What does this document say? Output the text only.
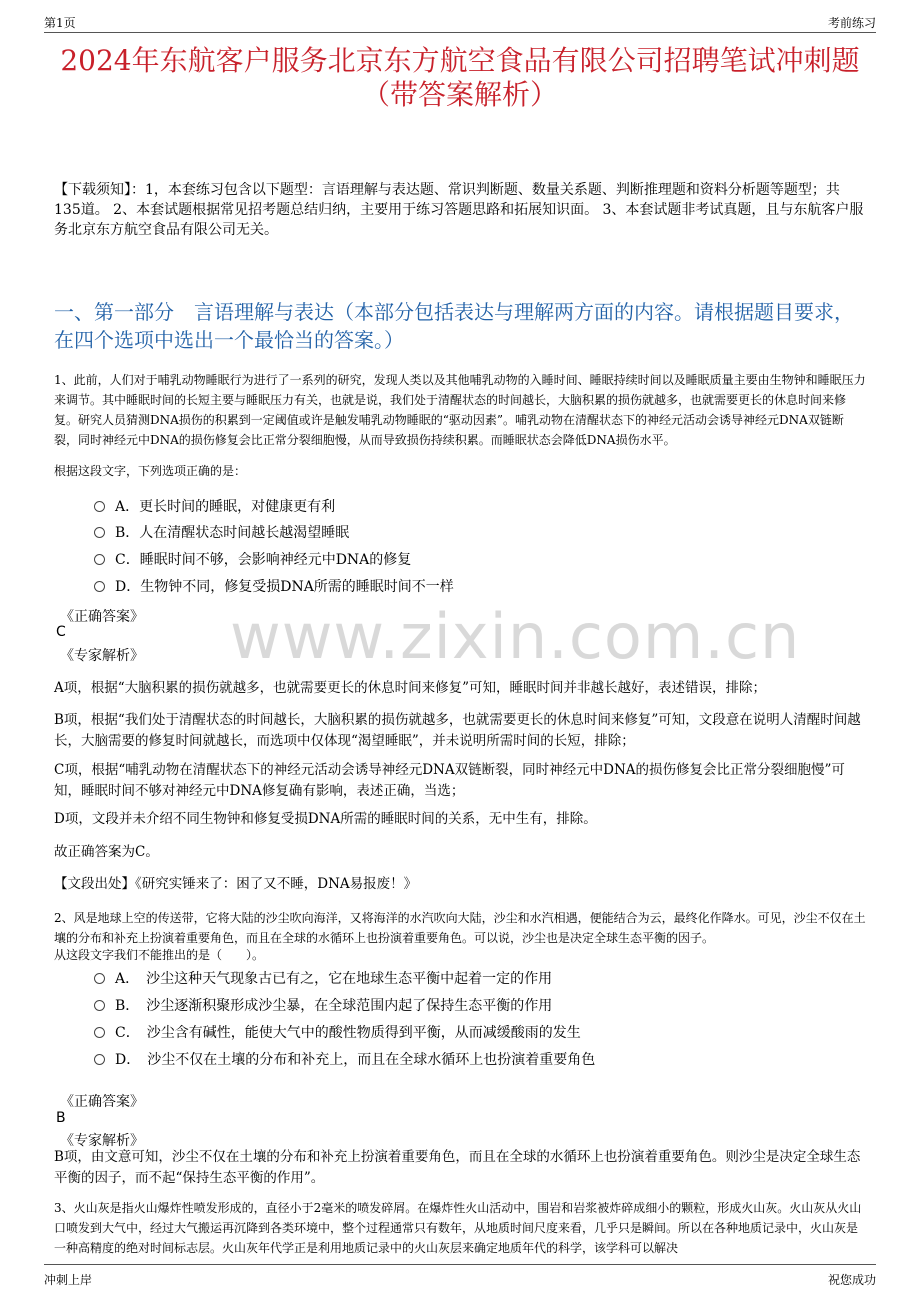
第1页	考前练习
www.zixin.com.cn
2024年东航客户服务北京东方航空食品有限公司招聘笔试冲刺题（带答案解析）
【下载须知】：1，本套练习包含以下题型：言语理解与表达题、常识判断题、数量关系题、判断推理题和资料分析题等题型；共135道。 2、本套试题根据常见招考题总结归纳，主要用于练习答题思路和拓展知识面。 3、本套试题非考试真题，且与东航客户服务北京东方航空食品有限公司无关。
一、第一部分　言语理解与表达（本部分包括表达与理解两方面的内容。请根据题目要求，在四个选项中选出一个最恰当的答案。）
1、此前，人们对于哺乳动物睡眠行为进行了一系列的研究，发现人类以及其他哺乳动物的入睡时间、睡眠持续时间以及睡眠质量主要由生物钟和睡眠压力来调节。其中睡眠时间的长短主要与睡眠压力有关，也就是说，我们处于清醒状态的时间越长，大脑积累的损伤就越多，也就需要更长的休息时间来修复。研究人员猜测DNA损伤的积累到一定阈值或许是触发哺乳动物睡眠的“驱动因素”。哺乳动物在清醒状态下的神经元活动会诱导神经元DNA双链断裂，同时神经元中DNA的损伤修复会比正常分裂细胞慢，从而导致损伤持续积累。而睡眠状态会降低DNA损伤水平。
根据这段文字，下列选项正确的是：
A．更长时间的睡眠，对健康更有利
B．人在清醒状态时间越长越渴望睡眠
C．睡眠时间不够，会影响神经元中DNA的修复
D．生物钟不同，修复受损DNA所需的睡眠时间不一样
《正确答案》
C
《专家解析》
A项，根据“大脑积累的损伤就越多，也就需要更长的休息时间来修复”可知，睡眠时间并非越长越好，表述错误，排除；
B项，根据“我们处于清醒状态的时间越长，大脑积累的损伤就越多，也就需要更长的休息时间来修复”可知，文段意在说明人清醒时间越长，大脑需要的修复时间就越长，而选项中仅体现“渴望睡眠”，并未说明所需时间的长短，排除；
C项，根据“哺乳动物在清醒状态下的神经元活动会诱导神经元DNA双链断裂，同时神经元中DNA的损伤修复会比正常分裂细胞慢”可知，睡眠时间不够对神经元中DNA修复确有影响，表述正确，当选；
D项，文段并未介绍不同生物钟和修复受损DNA所需的睡眠时间的关系，无中生有，排除。
故正确答案为C。
【文段出处】《研究实锤来了：困了又不睡，DNA易报废！》
2、风是地球上空的传送带，它将大陆的沙尘吹向海洋，又将海洋的水汽吹向大陆，沙尘和水汽相遇，便能结合为云，最终化作降水。可见，沙尘不仅在土壤的分布和补充上扮演着重要角色，而且在全球的水循环上也扮演着重要角色。可以说，沙尘也是决定全球生态平衡的因子。
从这段文字我们不能推出的是（　　）。
A．　沙尘这种天气现象古已有之，它在地球生态平衡中起着一定的作用
B．　沙尘逐渐积聚形成沙尘暴，在全球范围内起了保持生态平衡的作用
C．　沙尘含有碱性，能使大气中的酸性物质得到平衡，从而减缓酸雨的发生
D．　沙尘不仅在土壤的分布和补充上，而且在全球水循环上也扮演着重要角色
《正确答案》
B
《专家解析》
B项，由文意可知，沙尘不仅在土壤的分布和补充上扮演着重要角色，而且在全球的水循环上也扮演着重要角色。则沙尘是决定全球生态平衡的因子，而不起“保持生态平衡的作用”。
3、火山灰是指火山爆炸性喷发形成的，直径小于2毫米的喷发碎屑。在爆炸性火山活动中，围岩和岩浆被炸碎成细小的颗粒，形成火山灰。火山灰从火山口喷发到大气中，经过大气搬运再沉降到各类环境中，整个过程通常只有数年，从地质时间尺度来看，几乎只是瞬间。所以在各种地质记录中，火山灰是一种高精度的绝对时间标志层。火山灰年代学正是利用地质记录中的火山灰层来确定地质年代的科学，该学科可以解决
冲刺上岸	祝您成功
